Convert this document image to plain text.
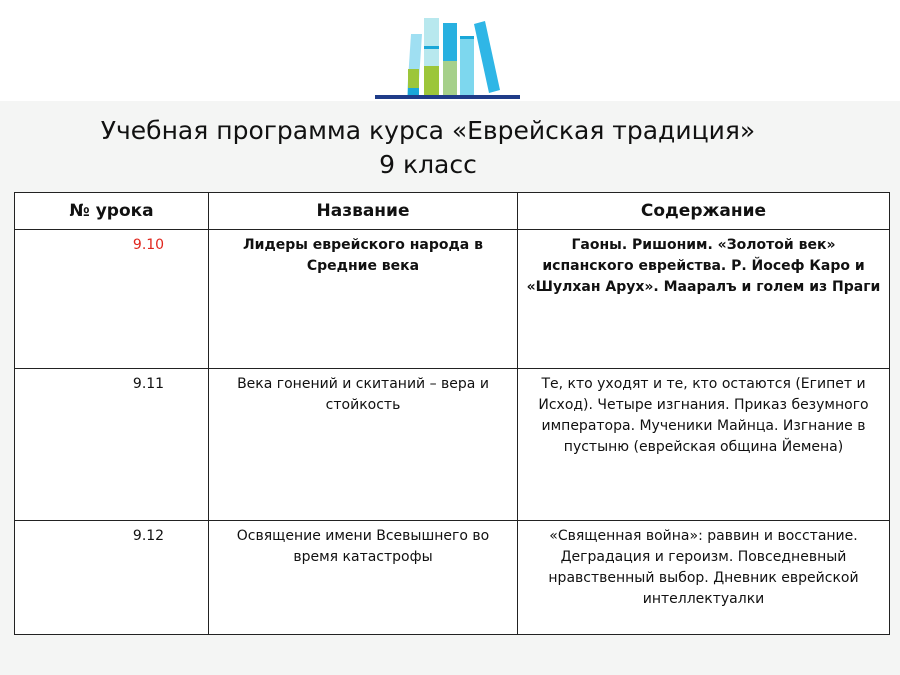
Учебная программа курса «Еврейская традиция»
9 класс
№ урока	Название	Содержание
9.10	Лидеры еврейского народа в Средние века	Гаоны. Ришоним. «Золотой век» испанского еврейства. Р. Йосеф Каро и «Шулхан Арух». Мааралъ и голем из Праги
9.11	Века гонений и скитаний – вера и стойкость	Те, кто уходят и те, кто остаются (Египет и Исход). Четыре изгнания. Приказ безумного императора. Мученики Майнца. Изгнание в пустыню (еврейская община Йемена)
9.12	Освящение имени Всевышнего во время катастрофы	«Священная война»: раввин и восстание. Деградация и героизм. Повседневный нравственный выбор. Дневник еврейской интеллектуалки
